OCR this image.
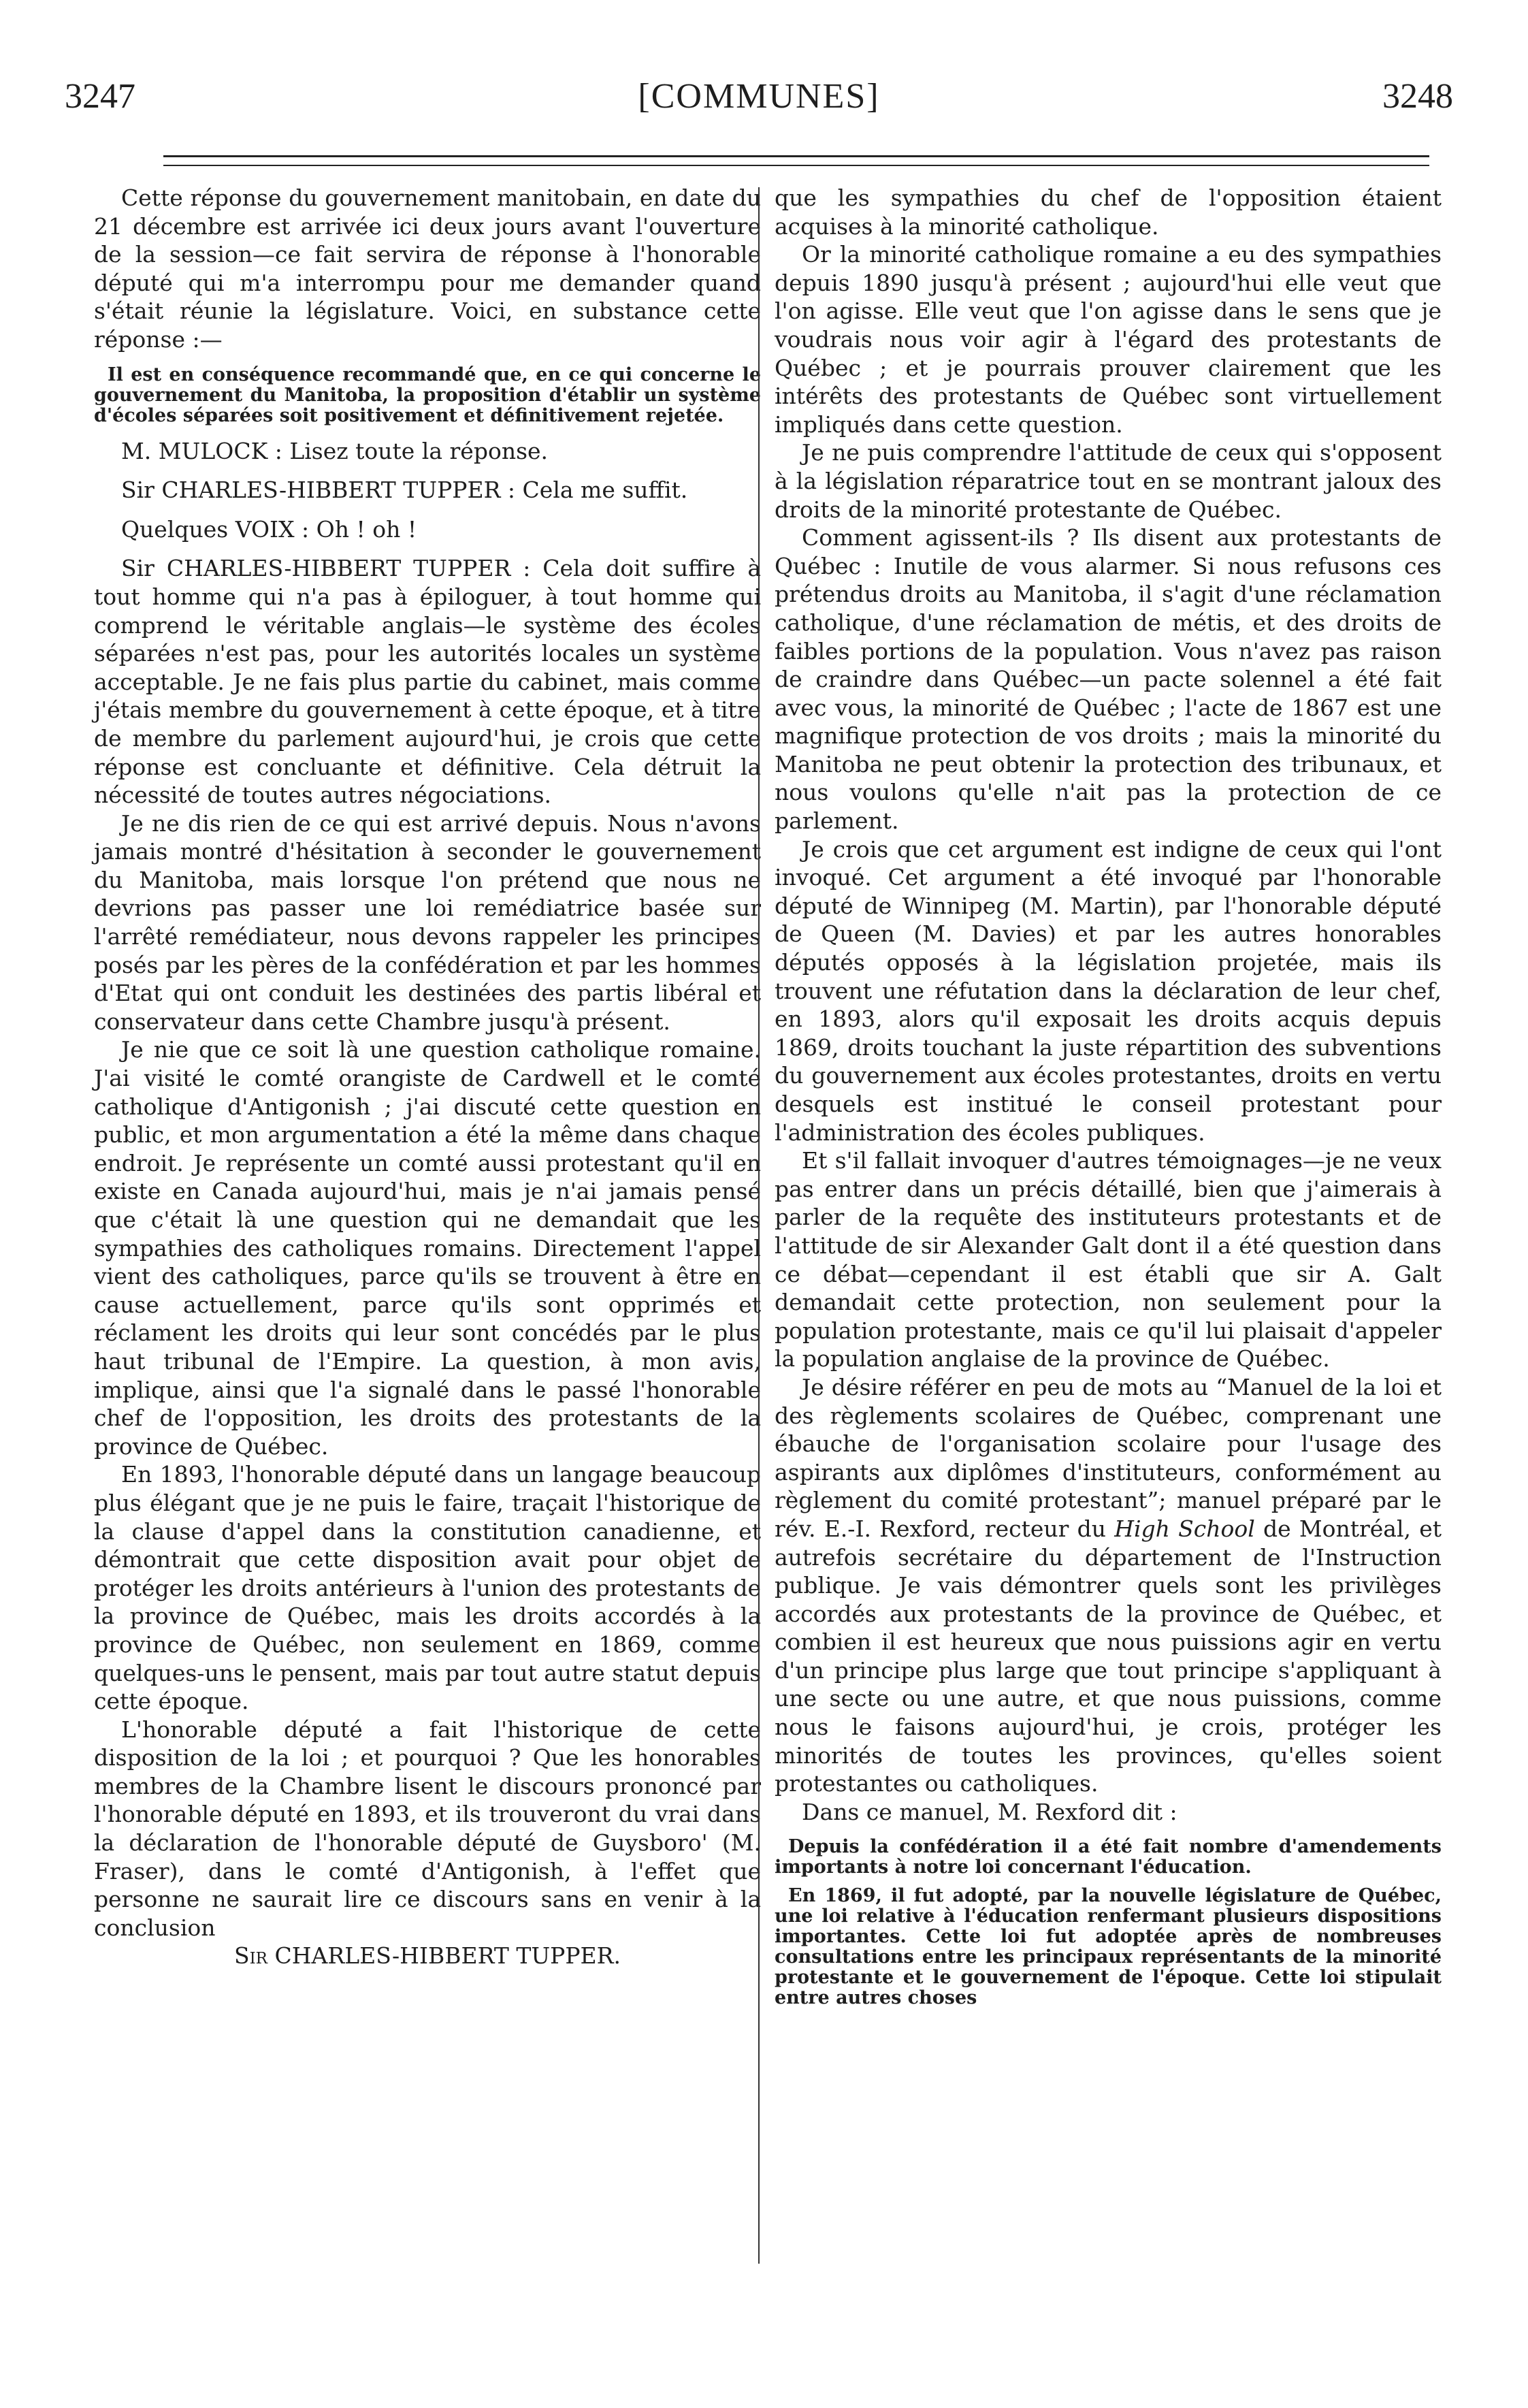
3247	[COMMUNES]	3248

Cette réponse du gouvernement manitobain, en date du 21 décembre est arrivée ici deux jours avant l'ouverture de la session—ce fait servira de réponse à l'honorable député qui m'a interrompu pour me demander quand s'était réunie la législature. Voici, en substance cette réponse :—

Il est en conséquence recommandé que, en ce qui concerne le gouvernement du Manitoba, la proposition d'établir un système d'écoles séparées soit positivement et définitivement rejetée.

M. MULOCK : Lisez toute la réponse.

Sir CHARLES-HIBBERT TUPPER : Cela me suffit.

Quelques VOIX : Oh ! oh !

Sir CHARLES-HIBBERT TUPPER : Cela doit suffire à tout homme qui n'a pas à épiloguer, à tout homme qui comprend le véritable anglais—le système des écoles séparées n'est pas, pour les autorités locales un système acceptable. Je ne fais plus partie du cabinet, mais comme j'étais membre du gouvernement à cette époque, et à titre de membre du parlement aujourd'hui, je crois que cette réponse est concluante et définitive. Cela détruit la nécessité de toutes autres négociations.

Je ne dis rien de ce qui est arrivé depuis. Nous n'avons jamais montré d'hésitation à seconder le gouvernement du Manitoba, mais lorsque l'on prétend que nous ne devrions pas passer une loi remédiatrice basée sur l'arrêté remédiateur, nous devons rappeler les principes posés par les pères de la confédération et par les hommes d'Etat qui ont conduit les destinées des partis libéral et conservateur dans cette Chambre jusqu'à présent.

Je nie que ce soit là une question catholique romaine. J'ai visité le comté orangiste de Cardwell et le comté catholique d'Antigonish ; j'ai discuté cette question en public, et mon argumentation a été la même dans chaque endroit. Je représente un comté aussi protestant qu'il en existe en Canada aujourd'hui, mais je n'ai jamais pensé que c'était là une question qui ne demandait que les sympathies des catholiques romains. Directement l'appel vient des catholiques, parce qu'ils se trouvent à être en cause actuellement, parce qu'ils sont opprimés et réclament les droits qui leur sont concédés par le plus haut tribunal de l'Empire. La question, à mon avis, implique, ainsi que l'a signalé dans le passé l'honorable chef de l'opposition, les droits des protestants de la province de Québec.

En 1893, l'honorable député dans un langage beaucoup plus élégant que je ne puis le faire, traçait l'historique de la clause d'appel dans la constitution canadienne, et démontrait que cette disposition avait pour objet de protéger les droits antérieurs à l'union des protestants de la province de Québec, mais les droits accordés à la province de Québec, non seulement en 1869, comme quelques-uns le pensent, mais par tout autre statut depuis cette époque.

L'honorable député a fait l'historique de cette disposition de la loi ; et pourquoi ? Que les honorables membres de la Chambre lisent le discours prononcé par l'honorable député en 1893, et ils trouveront du vrai dans la déclaration de l'honorable député de Guysboro' (M. Fraser), dans le comté d'Antigonish, à l'effet que personne ne saurait lire ce discours sans en venir à la conclusion

Sir CHARLES-HIBBERT TUPPER.

que les sympathies du chef de l'opposition étaient acquises à la minorité catholique.

Or la minorité catholique romaine a eu des sympathies depuis 1890 jusqu'à présent ; aujourd'hui elle veut que l'on agisse. Elle veut que l'on agisse dans le sens que je voudrais nous voir agir à l'égard des protestants de Québec ; et je pourrais prouver clairement que les intérêts des protestants de Québec sont virtuellement impliqués dans cette question.

Je ne puis comprendre l'attitude de ceux qui s'opposent à la législation réparatrice tout en se montrant jaloux des droits de la minorité protestante de Québec.

Comment agissent-ils ? Ils disent aux protestants de Québec : Inutile de vous alarmer. Si nous refusons ces prétendus droits au Manitoba, il s'agit d'une réclamation catholique, d'une réclamation de métis, et des droits de faibles portions de la population. Vous n'avez pas raison de craindre dans Québec—un pacte solennel a été fait avec vous, la minorité de Québec ; l'acte de 1867 est une magnifique protection de vos droits ; mais la minorité du Manitoba ne peut obtenir la protection des tribunaux, et nous voulons qu'elle n'ait pas la protection de ce parlement.

Je crois que cet argument est indigne de ceux qui l'ont invoqué. Cet argument a été invoqué par l'honorable député de Winnipeg (M. Martin), par l'honorable député de Queen (M. Davies) et par les autres honorables députés opposés à la législation projetée, mais ils trouvent une réfutation dans la déclaration de leur chef, en 1893, alors qu'il exposait les droits acquis depuis 1869, droits touchant la juste répartition des subventions du gouvernement aux écoles protestantes, droits en vertu desquels est institué le conseil protestant pour l'administration des écoles publiques.

Et s'il fallait invoquer d'autres témoignages—je ne veux pas entrer dans un précis détaillé, bien que j'aimerais à parler de la requête des instituteurs protestants et de l'attitude de sir Alexander Galt dont il a été question dans ce débat—cependant il est établi que sir A. Galt demandait cette protection, non seulement pour la population protestante, mais ce qu'il lui plaisait d'appeler la population anglaise de la province de Québec.

Je désire référer en peu de mots au “Manuel de la loi et des règlements scolaires de Québec, comprenant une ébauche de l'organisation scolaire pour l'usage des aspirants aux diplômes d'instituteurs, conformément au règlement du comité protestant”; manuel préparé par le rév. E.-I. Rexford, recteur du High School de Montréal, et autrefois secrétaire du département de l'Instruction publique. Je vais démontrer quels sont les privilèges accordés aux protestants de la province de Québec, et combien il est heureux que nous puissions agir en vertu d'un principe plus large que tout principe s'appliquant à une secte ou une autre, et que nous puissions, comme nous le faisons aujourd'hui, je crois, protéger les minorités de toutes les provinces, qu'elles soient protestantes ou catholiques.

Dans ce manuel, M. Rexford dit :

Depuis la confédération il a été fait nombre d'amendements importants à notre loi concernant l'éducation.

En 1869, il fut adopté, par la nouvelle législature de Québec, une loi relative à l'éducation renfermant plusieurs dispositions importantes. Cette loi fut adoptée après de nombreuses consultations entre les principaux représentants de la minorité protestante et le gouvernement de l'époque. Cette loi stipulait entre autres choses
